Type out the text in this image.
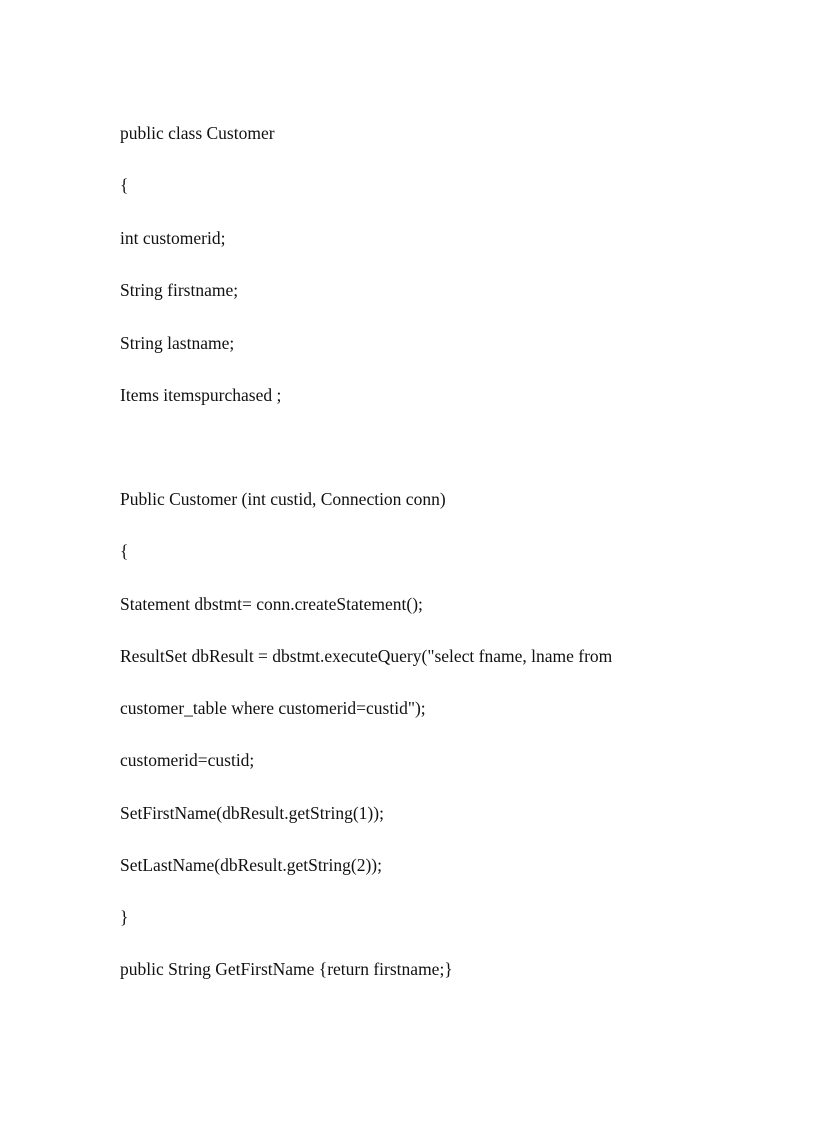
public class Customer
{
int customerid;
String firstname;
String lastname;
Items itemspurchased ;
Public Customer (int custid, Connection conn)
{
Statement dbstmt= conn.createStatement();
ResultSet dbResult = dbstmt.executeQuery("select fname, lname from
customer_table where customerid=custid");
customerid=custid;
SetFirstName(dbResult.getString(1));
SetLastName(dbResult.getString(2));
}
public String GetFirstName {return firstname;}
